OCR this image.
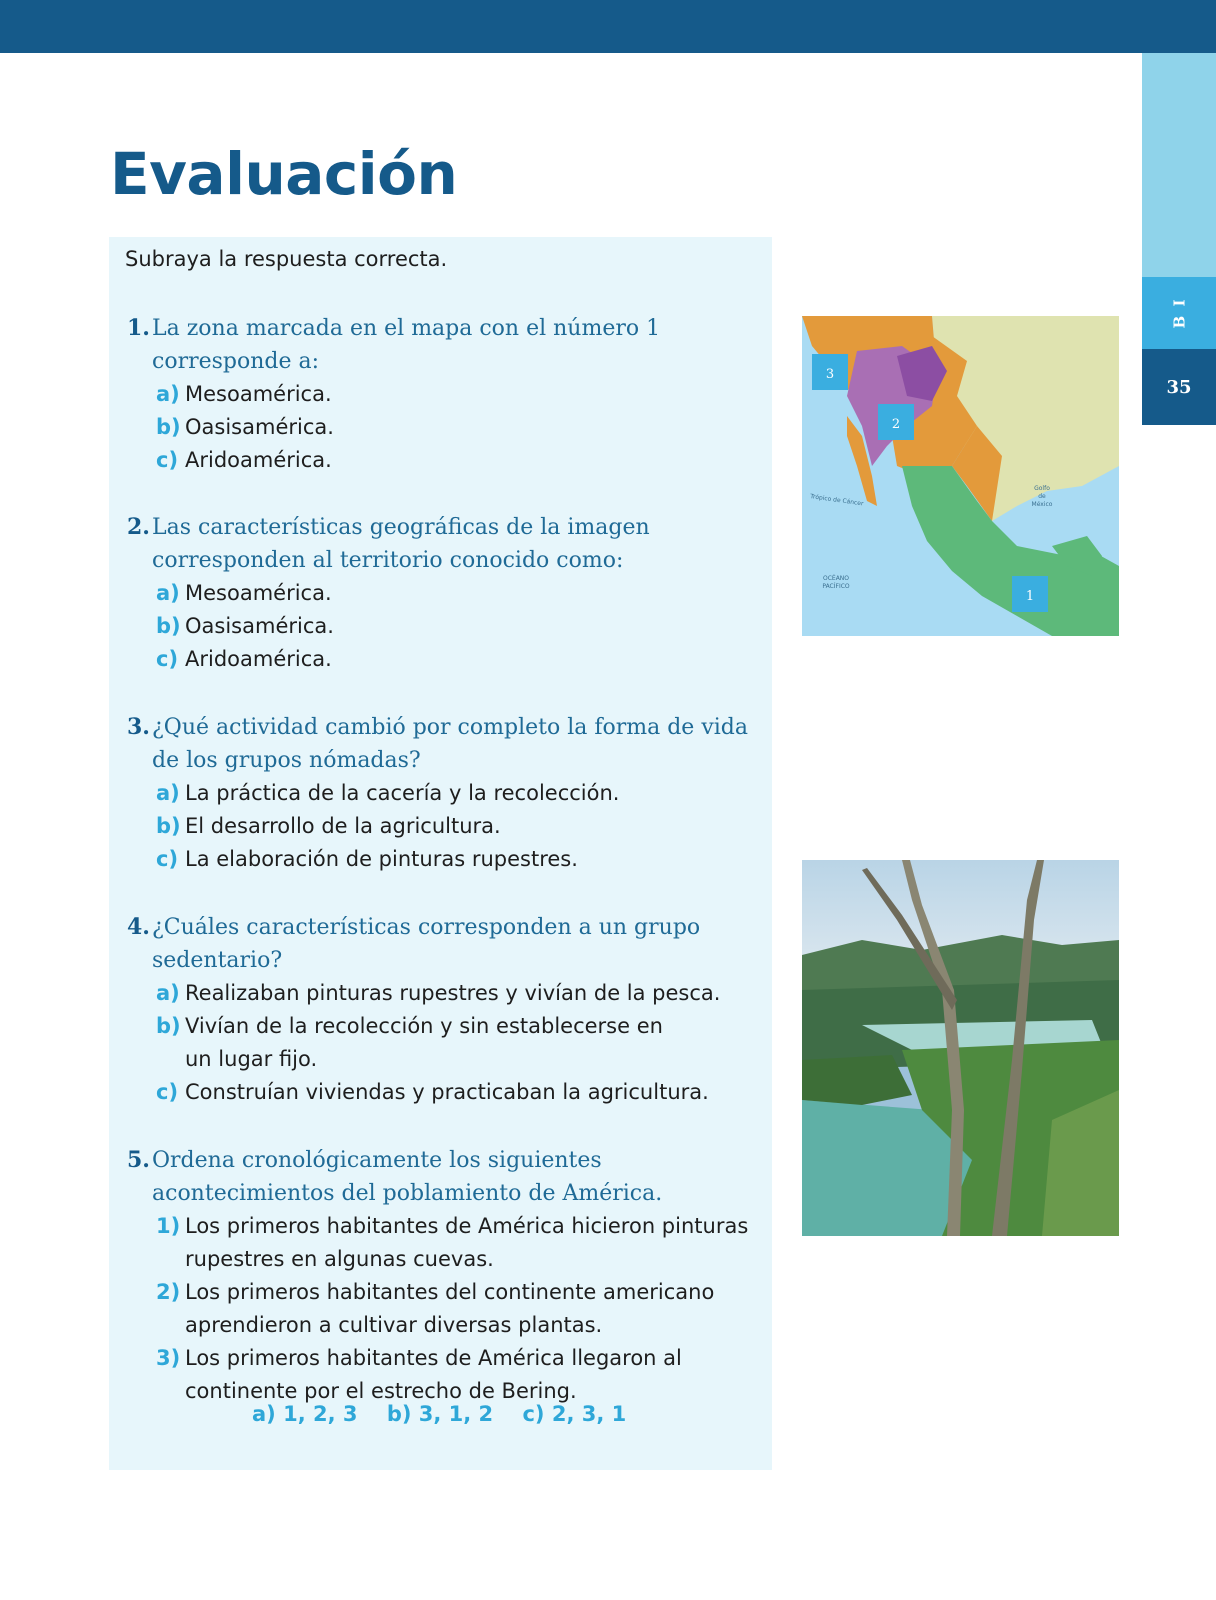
B I
35
Evaluación
Subraya la respuesta correcta.
1. La zona marcada en el mapa con el número 1
corresponde a:
a) Mesoamérica.
b) Oasisamérica.
c) Aridoamérica.
2. Las características geográficas de la imagen
corresponden al territorio conocido como:
a) Mesoamérica.
b) Oasisamérica.
c) Aridoamérica.
3. ¿Qué actividad cambió por completo la forma de vida
de los grupos nómadas?
a) La práctica de la cacería y la recolección.
b) El desarrollo de la agricultura.
c) La elaboración de pinturas rupestres.
4. ¿Cuáles características corresponden a un grupo
sedentario?
a) Realizaban pinturas rupestres y vivían de la pesca.
b) Vivían de la recolección y sin establecerse en
un lugar fijo.
c) Construían viviendas y practicaban la agricultura.
5. Ordena cronológicamente los siguientes
acontecimientos del poblamiento de América.
1) Los primeros habitantes de América hicieron pinturas
rupestres en algunas cuevas.
2) Los primeros habitantes del continente americano
aprendieron a cultivar diversas plantas.
3) Los primeros habitantes de América llegaron al
continente por el estrecho de Bering.
a) 1, 2, 3 b) 3, 1, 2 c) 2, 3, 1
3
2
1
Trópico de Cáncer
Golfo
de
México
OCÉANO
PACÍFICO
